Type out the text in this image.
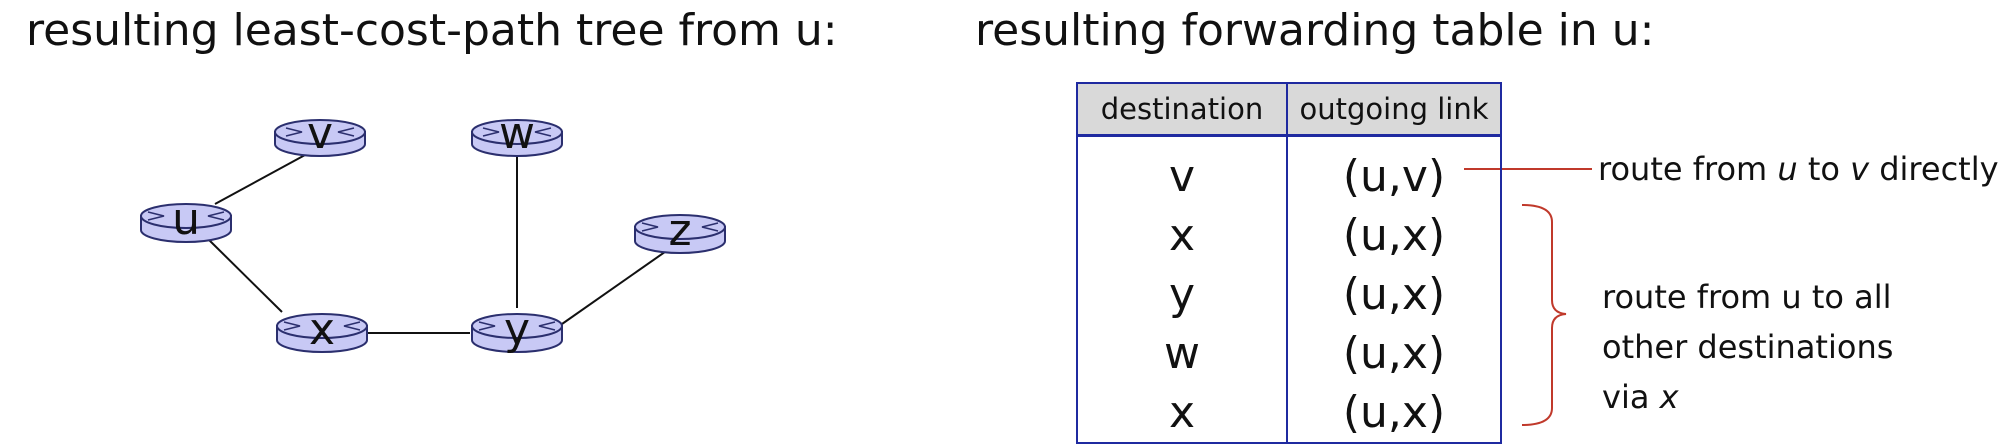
resulting least-cost-path tree from u:	resulting forwarding table in u:
v	w
u	z
x	y
destination	outgoing link
v	(u,v)
x	(u,x)
y	(u,x)
w	(u,x)
x	(u,x)
route from u to v directly
route from u to all
other destinations
via x
